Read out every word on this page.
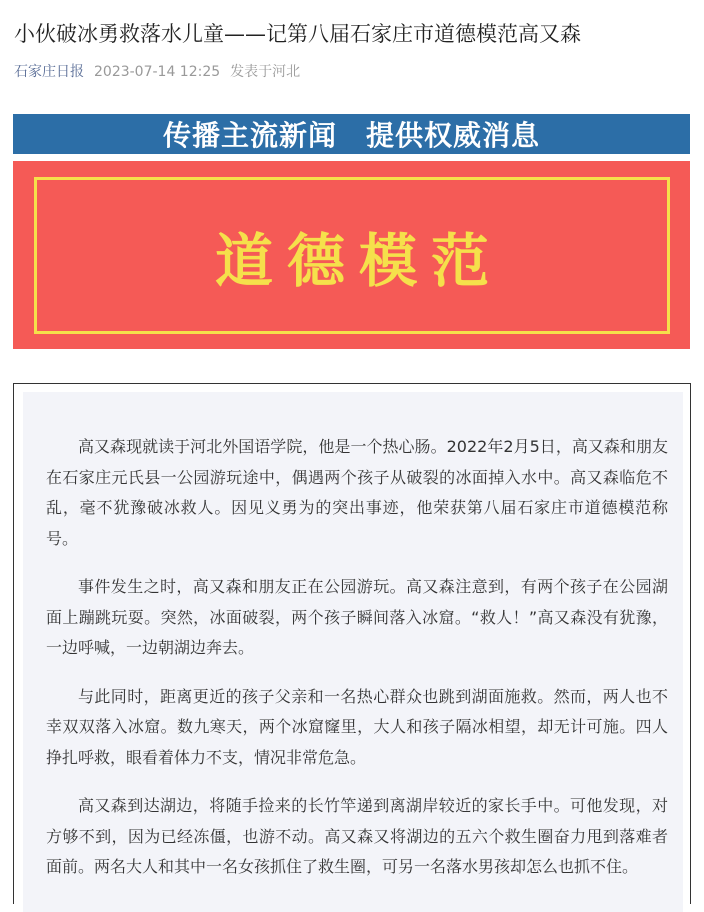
小伙破冰勇救落水儿童——记第八届石家庄市道德模范高又森
石家庄日报 2023-07-14 12:25 发表于河北
传播主流新闻　提供权威消息
道德模范

高又森现就读于河北外国语学院，他是一个热心肠。2022年2月5日，高又森和朋友在石家庄元氏县一公园游玩途中，偶遇两个孩子从破裂的冰面掉入水中。高又森临危不乱，毫不犹豫破冰救人。因见义勇为的突出事迹，他荣获第八届石家庄市道德模范称号。

事件发生之时，高又森和朋友正在公园游玩。高又森注意到，有两个孩子在公园湖面上蹦跳玩耍。突然，冰面破裂，两个孩子瞬间落入冰窟。“救人！”高又森没有犹豫，一边呼喊，一边朝湖边奔去。

与此同时，距离更近的孩子父亲和一名热心群众也跳到湖面施救。然而，两人也不幸双双落入冰窟。数九寒天，两个冰窟窿里，大人和孩子隔冰相望，却无计可施。四人挣扎呼救，眼看着体力不支，情况非常危急。

高又森到达湖边，将随手捡来的长竹竿递到离湖岸较近的家长手中。可他发现，对方够不到，因为已经冻僵，也游不动。高又森又将湖边的五六个救生圈奋力甩到落难者面前。两名大人和其中一名女孩抓住了救生圈，可另一名落水男孩却怎么也抓不住。
